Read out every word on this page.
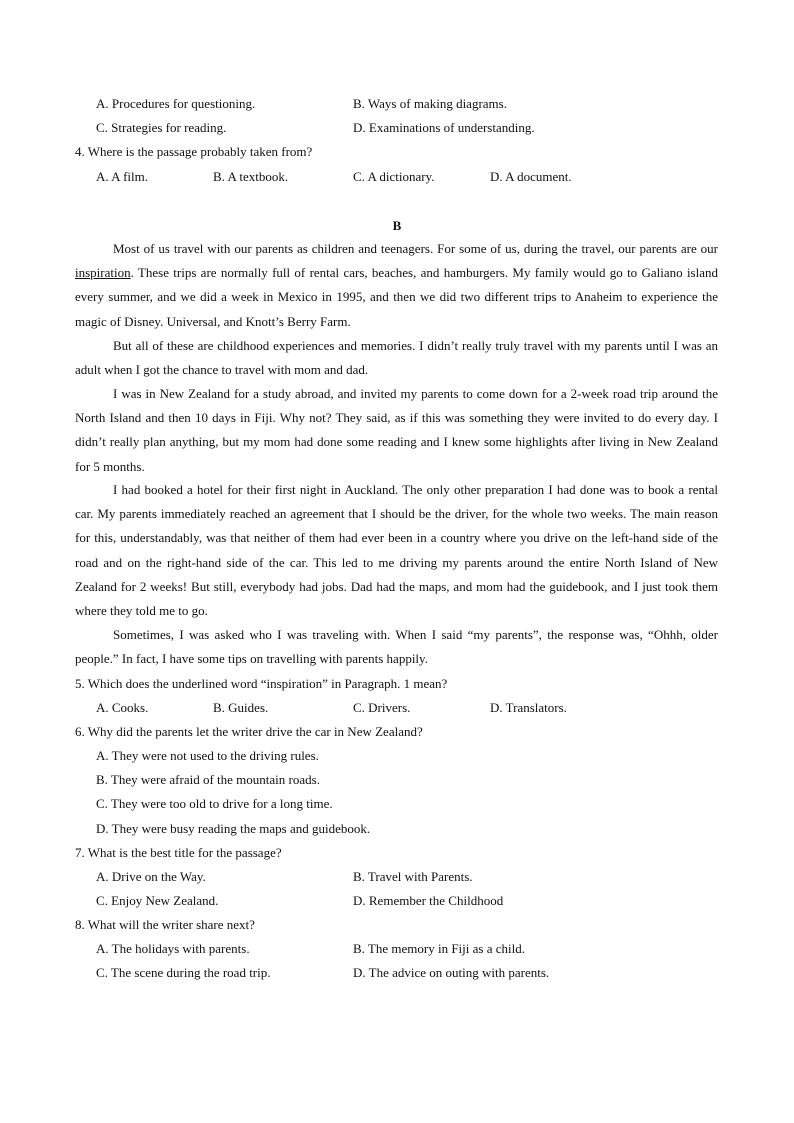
A. Procedures for questioning.	B. Ways of making diagrams.
C. Strategies for reading.	D. Examinations of understanding.
4. Where is the passage probably taken from?
A. A film.	B. A textbook.	C. A dictionary.	D. A document.
B
Most of us travel with our parents as children and teenagers. For some of us, during the travel, our parents are our inspiration. These trips are normally full of rental cars, beaches, and hamburgers. My family would go to Galiano island every summer, and we did a week in Mexico in 1995, and then we did two different trips to Anaheim to experience the magic of Disney. Universal, and Knott’s Berry Farm.
But all of these are childhood experiences and memories. I didn’t really truly travel with my parents until I was an adult when I got the chance to travel with mom and dad.
I was in New Zealand for a study abroad, and invited my parents to come down for a 2-week road trip around the North Island and then 10 days in Fiji. Why not? They said, as if this was something they were invited to do every day. I didn’t really plan anything, but my mom had done some reading and I knew some highlights after living in New Zealand for 5 months.
I had booked a hotel for their first night in Auckland. The only other preparation I had done was to book a rental car. My parents immediately reached an agreement that I should be the driver, for the whole two weeks. The main reason for this, understandably, was that neither of them had ever been in a country where you drive on the left-hand side of the road and on the right-hand side of the car. This led to me driving my parents around the entire North Island of New Zealand for 2 weeks! But still, everybody had jobs. Dad had the maps, and mom had the guidebook, and I just took them where they told me to go.
Sometimes, I was asked who I was traveling with. When I said “my parents”, the response was, “Ohhh, older people.” In fact, I have some tips on travelling with parents happily.
5. Which does the underlined word “inspiration” in Paragraph. 1 mean?
A. Cooks.	B. Guides.	C. Drivers.	D. Translators.
6. Why did the parents let the writer drive the car in New Zealand?
A. They were not used to the driving rules.
B. They were afraid of the mountain roads.
C. They were too old to drive for a long time.
D. They were busy reading the maps and guidebook.
7. What is the best title for the passage?
A. Drive on the Way.	B. Travel with Parents.
C. Enjoy New Zealand.	D. Remember the Childhood
8. What will the writer share next?
A. The holidays with parents.	B. The memory in Fiji as a child.
C. The scene during the road trip.	D. The advice on outing with parents.
